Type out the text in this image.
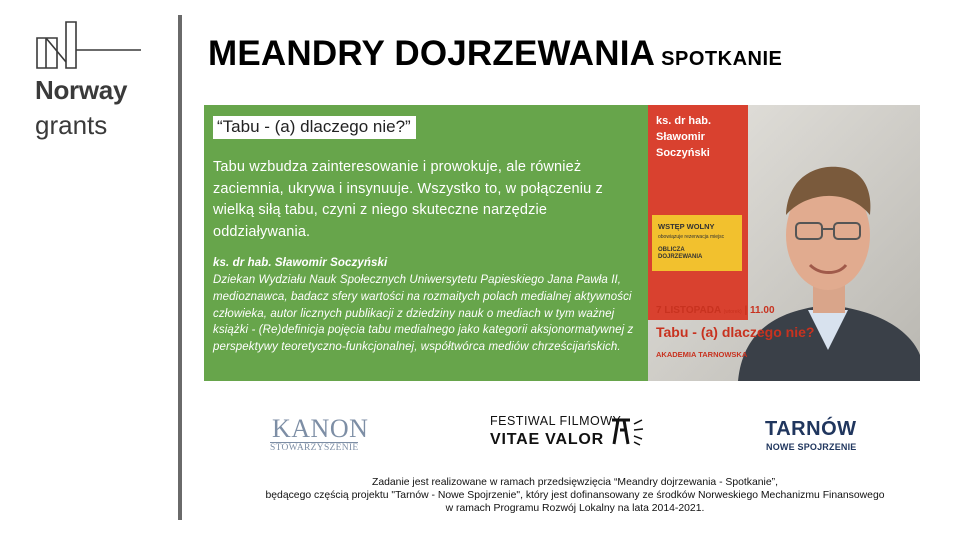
Norway
grants
MEANDRY DOJRZEWANIA SPOTKANIE
“Tabu - (a) dlaczego nie?”
Tabu wzbudza zainteresowanie i prowokuje, ale również zaciemnia, ukrywa i insynuuje. Wszystko to, w połączeniu z wielką siłą tabu, czyni z niego skuteczne narzędzie oddziaływania.
ks. dr hab. Sławomir Soczyński
Dziekan Wydziału Nauk Społecznych Uniwersytetu Papieskiego Jana Pawła II, medioznawca, badacz sfery wartości na rozmaitych polach medialnej aktywności człowieka, autor licznych publikacji z dziedziny nauk o mediach w tym ważnej książki - (Re)definicja pojęcia tabu medialnego jako kategorii aksjonormatywnej z perspektywy teoretyczno-funkcjonalnej, współtwórca mediów chrześcijańskich.
ks. dr hab.
Sławomir
Soczyński
WSTĘP WOLNY
obowiązuje rezerwacja miejsc
OBLICZA
DOJRZEWANIA
7 LISTOPADA (wtorek) | 11.00
Tabu - (a) dlaczego nie?
AKADEMIA TARNOWSKA
KANON
STOWARZYSZENIE
FESTIWAL FILMOWY
VITAE VALOR	TARNÓW
NOWE SPOJRZENIE
Zadanie jest realizowane w ramach przedsięwzięcia “Meandry dojrzewania - Spotkanie”,
będącego częścią projektu "Tarnów - Nowe Spojrzenie", który jest dofinansowany ze środków Norweskiego Mechanizmu Finansowego
w ramach Programu Rozwój Lokalny na lata 2014-2021.
